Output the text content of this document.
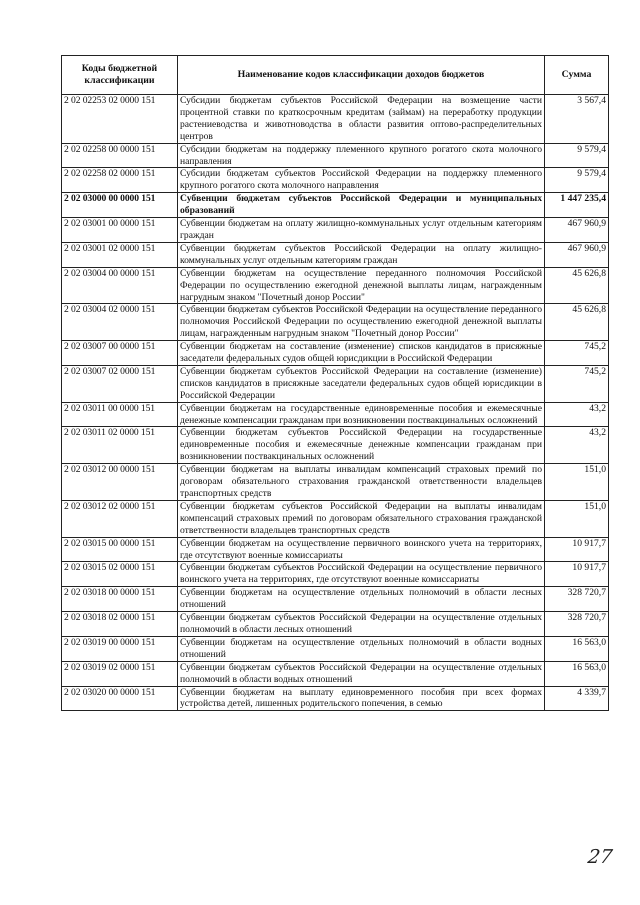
Коды бюджетной классификации	Наименование кодов классификации доходов бюджетов	Сумма
2 02 02253 02 0000 151	Субсидии бюджетам субъектов Российской Федерации на возмещение части процентной ставки по краткосрочным кредитам (займам) на переработку продукции растениеводства и животноводства в области развития оптово-распределительных центров	3 567,4
2 02 02258 00 0000 151	Субсидии бюджетам на поддержку племенного крупного рогатого скота молочного направления	9 579,4
2 02 02258 02 0000 151	Субсидии бюджетам субъектов Российской Федерации на поддержку племенного крупного рогатого скота молочного направления	9 579,4
2 02 03000 00 0000 151	Субвенции бюджетам субъектов Российской Федерации и муниципальных образований	1 447 235,4
2 02 03001 00 0000 151	Субвенции бюджетам на оплату жилищно-коммунальных услуг отдельным категориям граждан	467 960,9
2 02 03001 02 0000 151	Субвенции бюджетам субъектов Российской Федерации на оплату жилищно-коммунальных услуг отдельным категориям граждан	467 960,9
2 02 03004 00 0000 151	Субвенции бюджетам на осуществление переданного полномочия Российской Федерации по осуществлению ежегодной денежной выплаты лицам, награжденным нагрудным знаком "Почетный донор России"	45 626,8
2 02 03004 02 0000 151	Субвенции бюджетам субъектов Российской Федерации на осуществление переданного полномочия Российской Федерации по осуществлению ежегодной денежной выплаты лицам, награжденным нагрудным знаком "Почетный донор России"	45 626,8
2 02 03007 00 0000 151	Субвенции бюджетам на составление (изменение) списков кандидатов в присяжные заседатели федеральных судов общей юрисдикции в Российской Федерации	745,2
2 02 03007 02 0000 151	Субвенции бюджетам субъектов Российской Федерации на составление (изменение) списков кандидатов в присяжные заседатели федеральных судов общей юрисдикции в Российской Федерации	745,2
2 02 03011 00 0000 151	Субвенции бюджетам на государственные единовременные пособия и ежемесячные денежные компенсации гражданам при возникновении поствакцинальных осложнений	43,2
2 02 03011 02 0000 151	Субвенции бюджетам субъектов Российской Федерации на государственные единовременные пособия и ежемесячные денежные компенсации гражданам при возникновении поствакцинальных осложнений	43,2
2 02 03012 00 0000 151	Субвенции бюджетам на выплаты инвалидам компенсаций страховых премий по договорам обязательного страхования гражданской ответственности владельцев транспортных средств	151,0
2 02 03012 02 0000 151	Субвенции бюджетам субъектов Российской Федерации на выплаты инвалидам компенсаций страховых премий по договорам обязательного страхования гражданской ответственности владельцев транспортных средств	151,0
2 02 03015 00 0000 151	Субвенции бюджетам на осуществление первичного воинского учета на территориях, где отсутствуют военные комиссариаты	10 917,7
2 02 03015 02 0000 151	Субвенции бюджетам субъектов Российской Федерации на осуществление первичного воинского учета на территориях, где отсутствуют военные комиссариаты	10 917,7
2 02 03018 00 0000 151	Субвенции бюджетам на осуществление отдельных полномочий в области лесных отношений	328 720,7
2 02 03018 02 0000 151	Субвенции бюджетам субъектов Российской Федерации на осуществление отдельных полномочий в области лесных отношений	328 720,7
2 02 03019 00 0000 151	Субвенции бюджетам на осуществление отдельных полномочий в области водных отношений	16 563,0
2 02 03019 02 0000 151	Субвенции бюджетам субъектов Российской Федерации на осуществление отдельных полномочий в области водных отношений	16 563,0
2 02 03020 00 0000 151	Субвенции бюджетам на выплату единовременного пособия при всех формах устройства детей, лишенных родительского попечения, в семью	4 339,7
27
